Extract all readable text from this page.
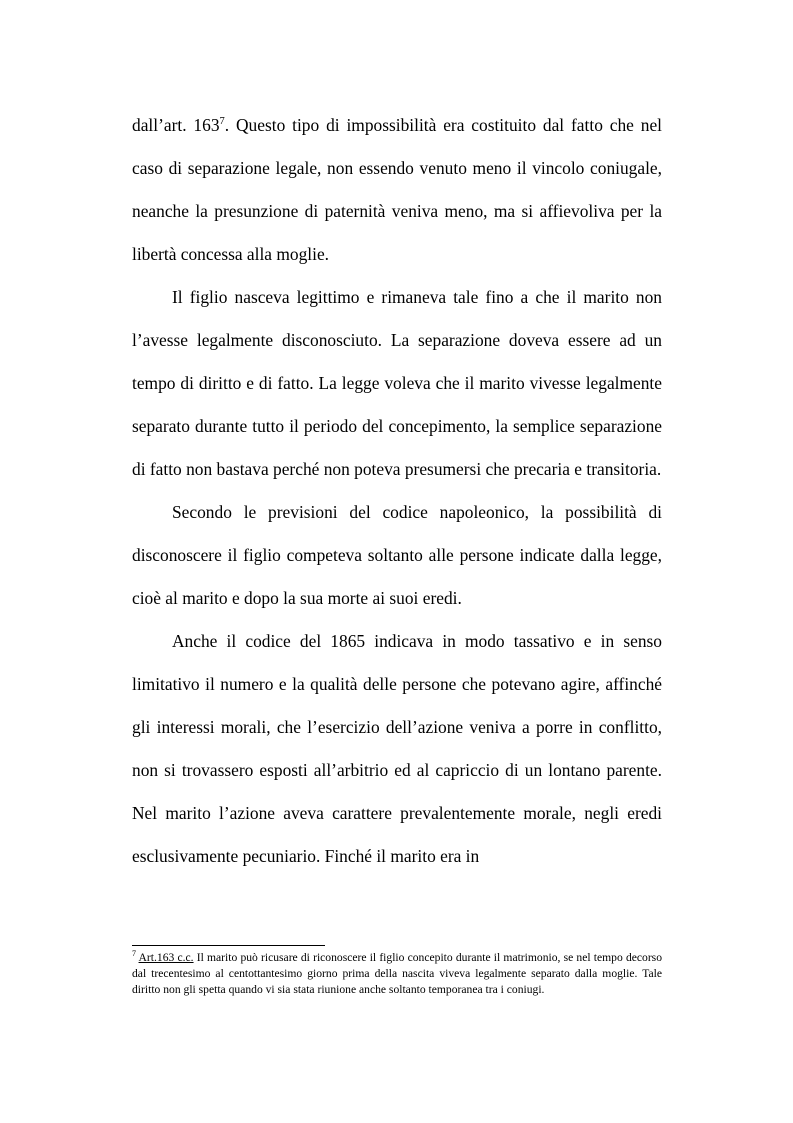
dall’art. 163$^7$. Questo tipo di impossibilità era costituito dal fatto che nel caso di separazione legale, non essendo venuto meno il vincolo coniugale, neanche la presunzione di paternità veniva meno, ma si affievoliva per la libertà concessa alla moglie.

Il figlio nasceva legittimo e rimaneva tale fino a che il marito non l’avesse legalmente disconosciuto. La separazione doveva essere ad un tempo di diritto e di fatto. La legge voleva che il marito vivesse legalmente separato durante tutto il periodo del concepimento, la semplice separazione di fatto non bastava perché non poteva presumersi che precaria e transitoria.

Secondo le previsioni del codice napoleonico, la possibilità di disconoscere il figlio competeva soltanto alle persone indicate dalla legge, cioè al marito e dopo la sua morte ai suoi eredi.

Anche il codice del 1865 indicava in modo tassativo e in senso limitativo il numero e la qualità delle persone che potevano agire, affinché gli interessi morali, che l’esercizio dell’azione veniva a porre in conflitto, non si trovassero esposti all’arbitrio ed al capriccio di un lontano parente. Nel marito l’azione aveva carattere prevalentemente morale, negli eredi esclusivamente pecuniario. Finché il marito era in

$^7$ Art.163 c.c. Il marito può ricusare di riconoscere il figlio concepito durante il matrimonio, se nel tempo decorso dal trecentesimo al centottantesimo giorno prima della nascita viveva legalmente separato dalla moglie. Tale diritto non gli spetta quando vi sia stata riunione anche soltanto temporanea tra i coniugi.
